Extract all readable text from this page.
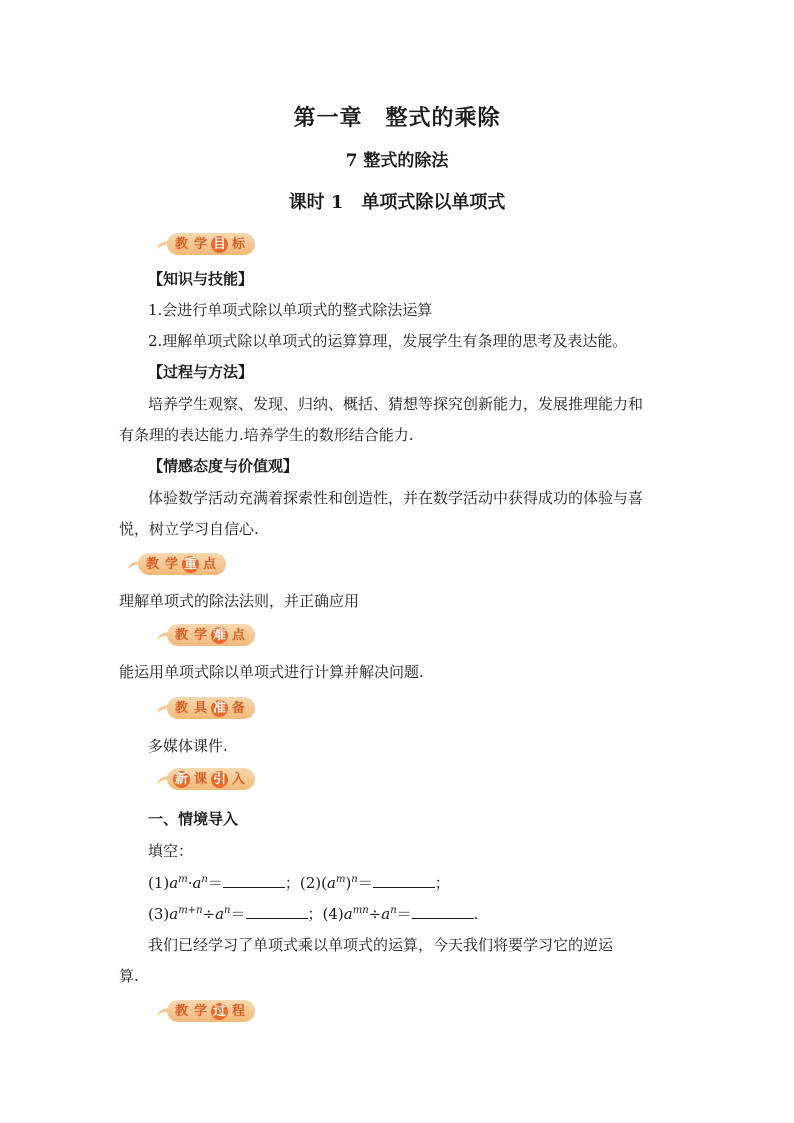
第一章　整式的乘除
7 整式的除法
课时 1　单项式除以单项式
教 学 目 标
【知识与技能】
1.会进行单项式除以单项式的整式除法运算
2.理解单项式除以单项式的运算算理，发展学生有条理的思考及表达能。
【过程与方法】
培养学生观察、发现、归纳、概括、猜想等探究创新能力，发展推理能力和
有条理的表达能力.培养学生的数形结合能力.
【情感态度与价值观】
体验数学活动充满着探索性和创造性，并在数学活动中获得成功的体验与喜
悦，树立学习自信心.
教 学 重 点
理解单项式的除法法则，并正确应用
教 学 难 点
能运用单项式除以单项式进行计算并解决问题.
教 具 准 备
多媒体课件.
新 课 引 入
一、情境导入
填空：
$(1)a^m\cdot a^n=$	；$(2)(a^m)^n=$	；
$(3)a^{m+n}\div a^n=$	；$(4)a^{mn}\div a^n=$	.
我们已经学习了单项式乘以单项式的运算，今天我们将要学习它的逆运
算.
教 学 过 程
